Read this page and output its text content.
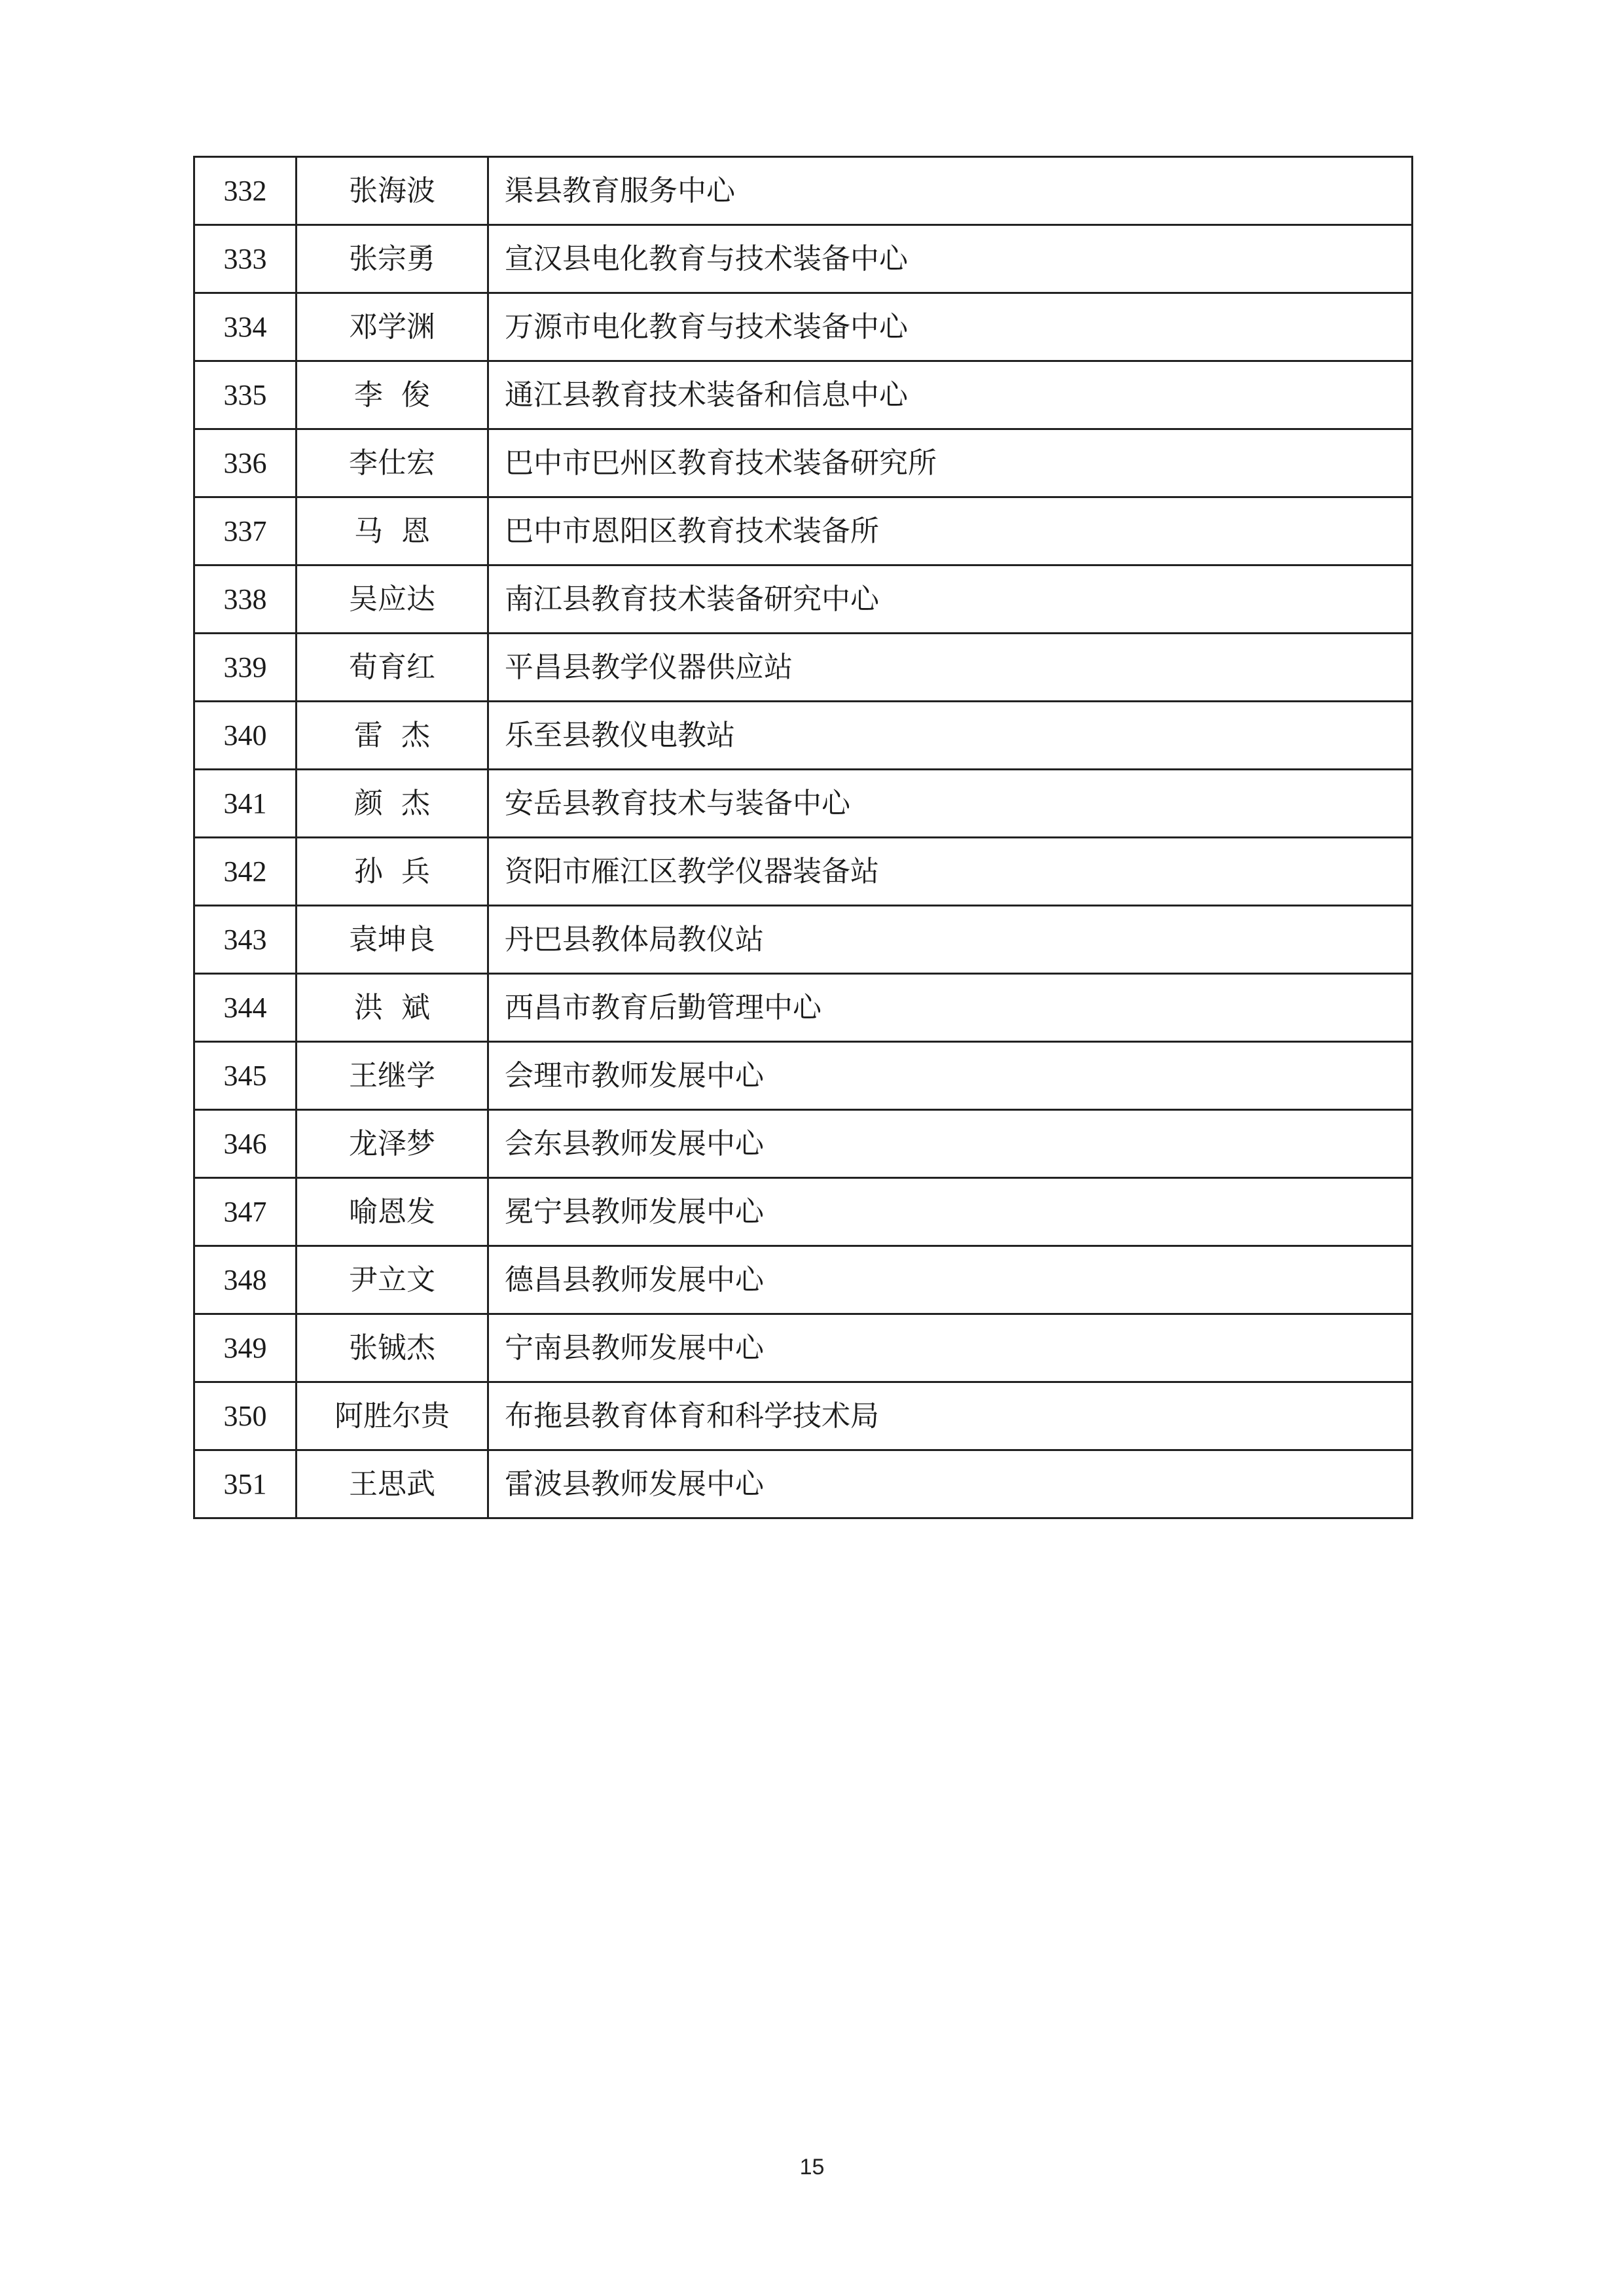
332	张海波	渠县教育服务中心
333	张宗勇	宣汉县电化教育与技术装备中心
334	邓学渊	万源市电化教育与技术装备中心
335	李  俊	通江县教育技术装备和信息中心
336	李仕宏	巴中市巴州区教育技术装备研究所
337	马  恩	巴中市恩阳区教育技术装备所
338	吴应达	南江县教育技术装备研究中心
339	荀育红	平昌县教学仪器供应站
340	雷  杰	乐至县教仪电教站
341	颜  杰	安岳县教育技术与装备中心
342	孙  兵	资阳市雁江区教学仪器装备站
343	袁坤良	丹巴县教体局教仪站
344	洪  斌	西昌市教育后勤管理中心
345	王继学	会理市教师发展中心
346	龙泽梦	会东县教师发展中心
347	喻恩发	冕宁县教师发展中心
348	尹立文	德昌县教师发展中心
349	张铖杰	宁南县教师发展中心
350	阿胜尔贵	布拖县教育体育和科学技术局
351	王思武	雷波县教师发展中心
15
